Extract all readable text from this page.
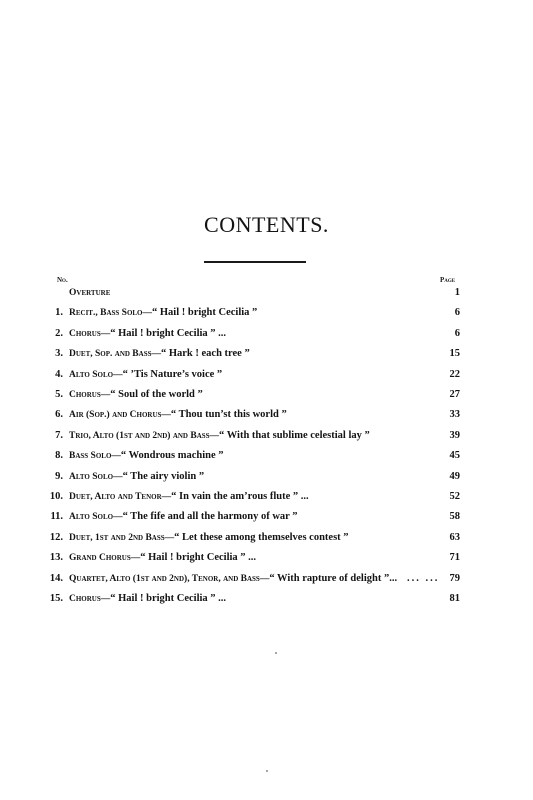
CONTENTS.
No.	Page
Overture	1
1. Recit., Bass Solo—“ Hail ! bright Cecilia ”	6
2. Chorus—“ Hail ! bright Cecilia ” ...	6
3. Duet, Sop. and Bass—“ Hark ! each tree ”	15
4. Alto Solo—“ ’Tis Nature’s voice ”	22
5. Chorus—“ Soul of the world ”	27
6. Air (Sop.) and Chorus—“ Thou tun’st this world ”	33
7. Trio, Alto (1st and 2nd) and Bass—“ With that sublime celestial lay ”	39
8. Bass Solo—“ Wondrous machine ”	45
9. Alto Solo—“ The airy violin ”	49
10. Duet, Alto and Tenor—“ In vain the am’rous flute ” ...	52
11. Alto Solo—“ The fife and all the harmony of war ”	58
12. Duet, 1st and 2nd Bass—“ Let these among themselves contest ”	63
13. Grand Chorus—“ Hail ! bright Cecilia ” ...	71
14. Quartet, Alto (1st and 2nd), Tenor, and Bass—“ With rapture of delight ”... ... ... 79
15. Chorus—“ Hail ! bright Cecilia ” ...	81
